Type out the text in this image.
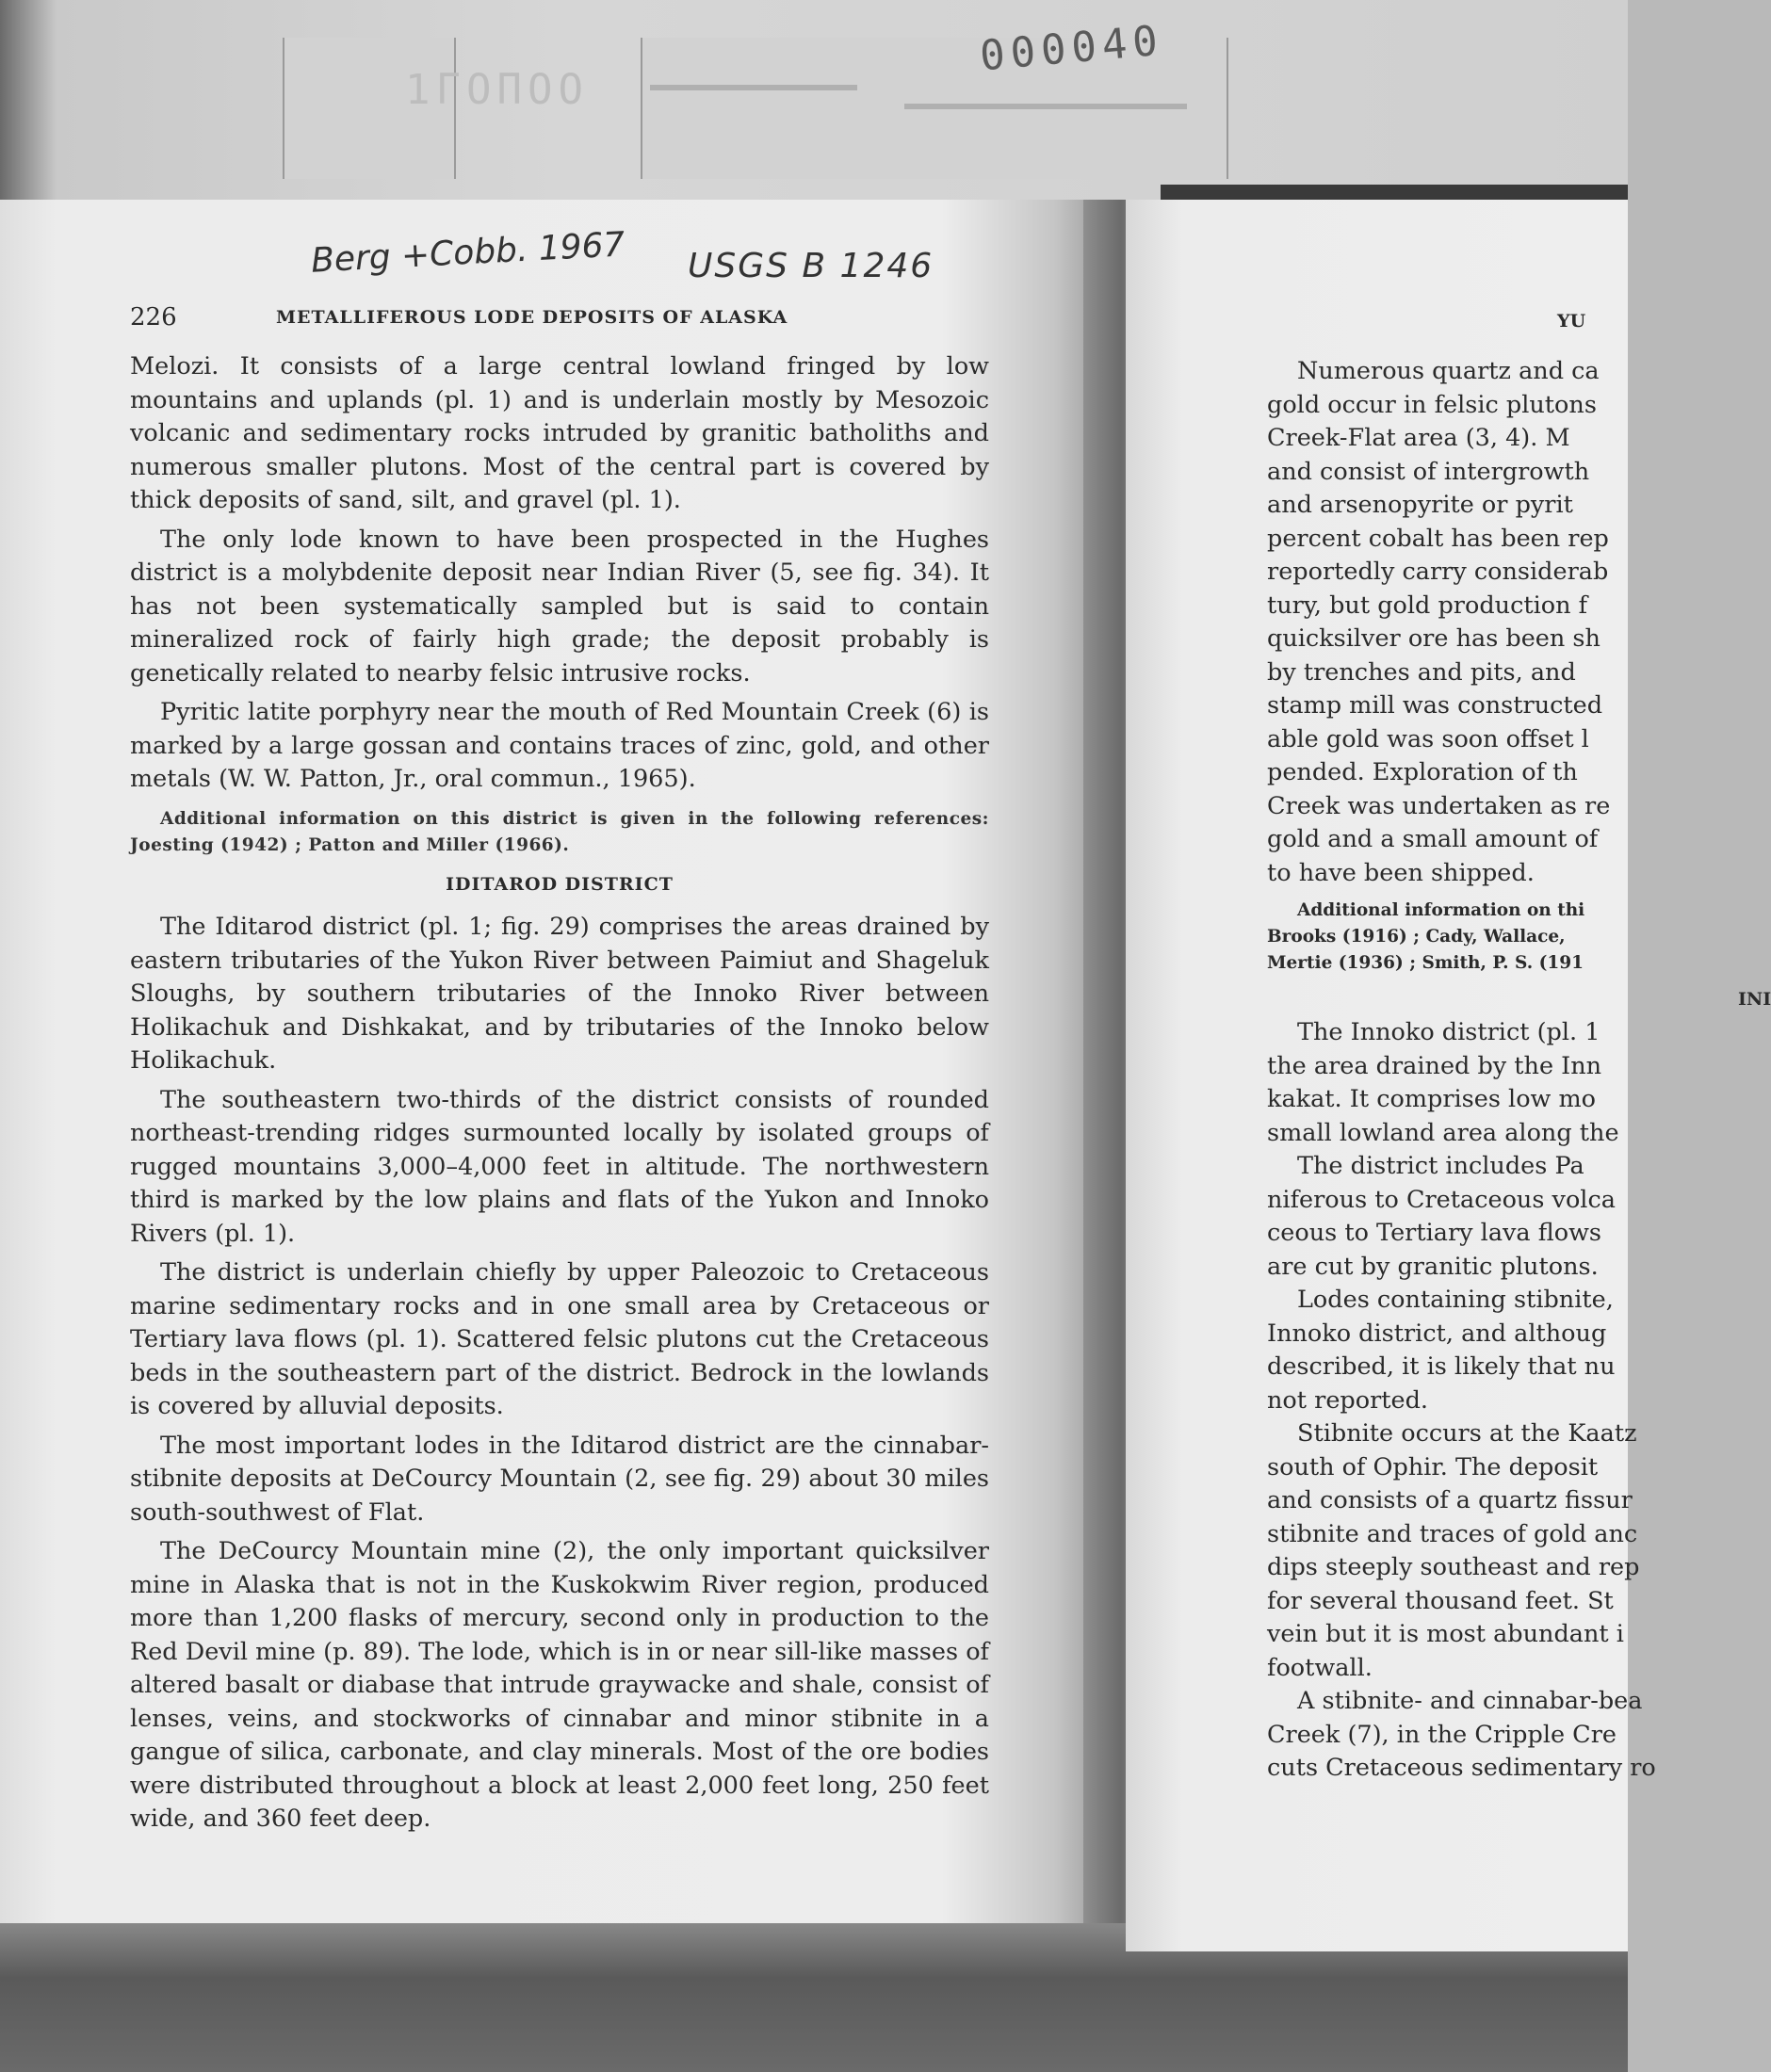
1ΓΟΠΟΟ
000040
Berg +Cobb. 1967 USGS B 1246
226	METALLIFEROUS LODE DEPOSITS OF ALASKA

Melozi. It consists of a large central lowland fringed by low mountains and uplands (pl. 1) and is underlain mostly by Mesozoic volcanic and sedimentary rocks intruded by granitic batholiths and numerous smaller plutons. Most of the central part is covered by thick deposits of sand, silt, and gravel (pl. 1).

The only lode known to have been prospected in the Hughes district is a molybdenite deposit near Indian River (5, see fig. 34). It has not been systematically sampled but is said to contain mineralized rock of fairly high grade; the deposit probably is genetically related to nearby felsic intrusive rocks.

Pyritic latite porphyry near the mouth of Red Mountain Creek (6) is marked by a large gossan and contains traces of zinc, gold, and other metals (W. W. Patton, Jr., oral commun., 1965).

Additional information on this district is given in the following references: Joesting (1942) ; Patton and Miller (1966).

IDITAROD DISTRICT

The Iditarod district (pl. 1; fig. 29) comprises the areas drained by eastern tributaries of the Yukon River between Paimiut and Shageluk Sloughs, by southern tributaries of the Innoko River between Holikachuk and Dishkakat, and by tributaries of the Innoko below Holikachuk.

The southeastern two-thirds of the district consists of rounded northeast-trending ridges surmounted locally by isolated groups of rugged mountains 3,000–4,000 feet in altitude. The northwestern third is marked by the low plains and flats of the Yukon and Innoko Rivers (pl. 1).

The district is underlain chiefly by upper Paleozoic to Cretaceous marine sedimentary rocks and in one small area by Cretaceous or Tertiary lava flows (pl. 1). Scattered felsic plutons cut the Cretaceous beds in the southeastern part of the district. Bedrock in the lowlands is covered by alluvial deposits.

The most important lodes in the Iditarod district are the cinnabar-stibnite deposits at DeCourcy Mountain (2, see fig. 29) about 30 miles south-southwest of Flat.

The DeCourcy Mountain mine (2), the only important quicksilver mine in Alaska that is not in the Kuskokwim River region, produced more than 1,200 flasks of mercury, second only in production to the Red Devil mine (p. 89). The lode, which is in or near sill-like masses of altered basalt or diabase that intrude graywacke and shale, consist of lenses, veins, and stockworks of cinnabar and minor stibnite in a gangue of silica, carbonate, and clay minerals. Most of the ore bodies were distributed throughout a block at least 2,000 feet long, 250 feet wide, and 360 feet deep.

YU
Numerous quartz and ca
gold occur in felsic plutons
Creek-Flat area (3, 4). M
and consist of intergrowth
and arsenopyrite or pyrit
percent cobalt has been rep
reportedly carry considerab
tury, but gold production f
quicksilver ore has been sh
by trenches and pits, and
stamp mill was constructed
able gold was soon offset l
pended. Exploration of th
Creek was undertaken as re
gold and a small amount of
to have been shipped.
Additional information on thi
Brooks (1916) ; Cady, Wallace,
Mertie (1936) ; Smith, P. S. (191
INI
The Innoko district (pl. 1
the area drained by the Inn
kakat. It comprises low mo
small lowland area along the
The district includes Pa
niferous to Cretaceous volca
ceous to Tertiary lava flows
are cut by granitic plutons.
Lodes containing stibnite,
Innoko district, and althoug
described, it is likely that nu
not reported.
Stibnite occurs at the Kaatz
south of Ophir. The deposit
and consists of a quartz fissur
stibnite and traces of gold anc
dips steeply southeast and rep
for several thousand feet. St
vein but it is most abundant i
footwall.
A stibnite- and cinnabar-bea
Creek (7), in the Cripple Cre
cuts Cretaceous sedimentary ro
